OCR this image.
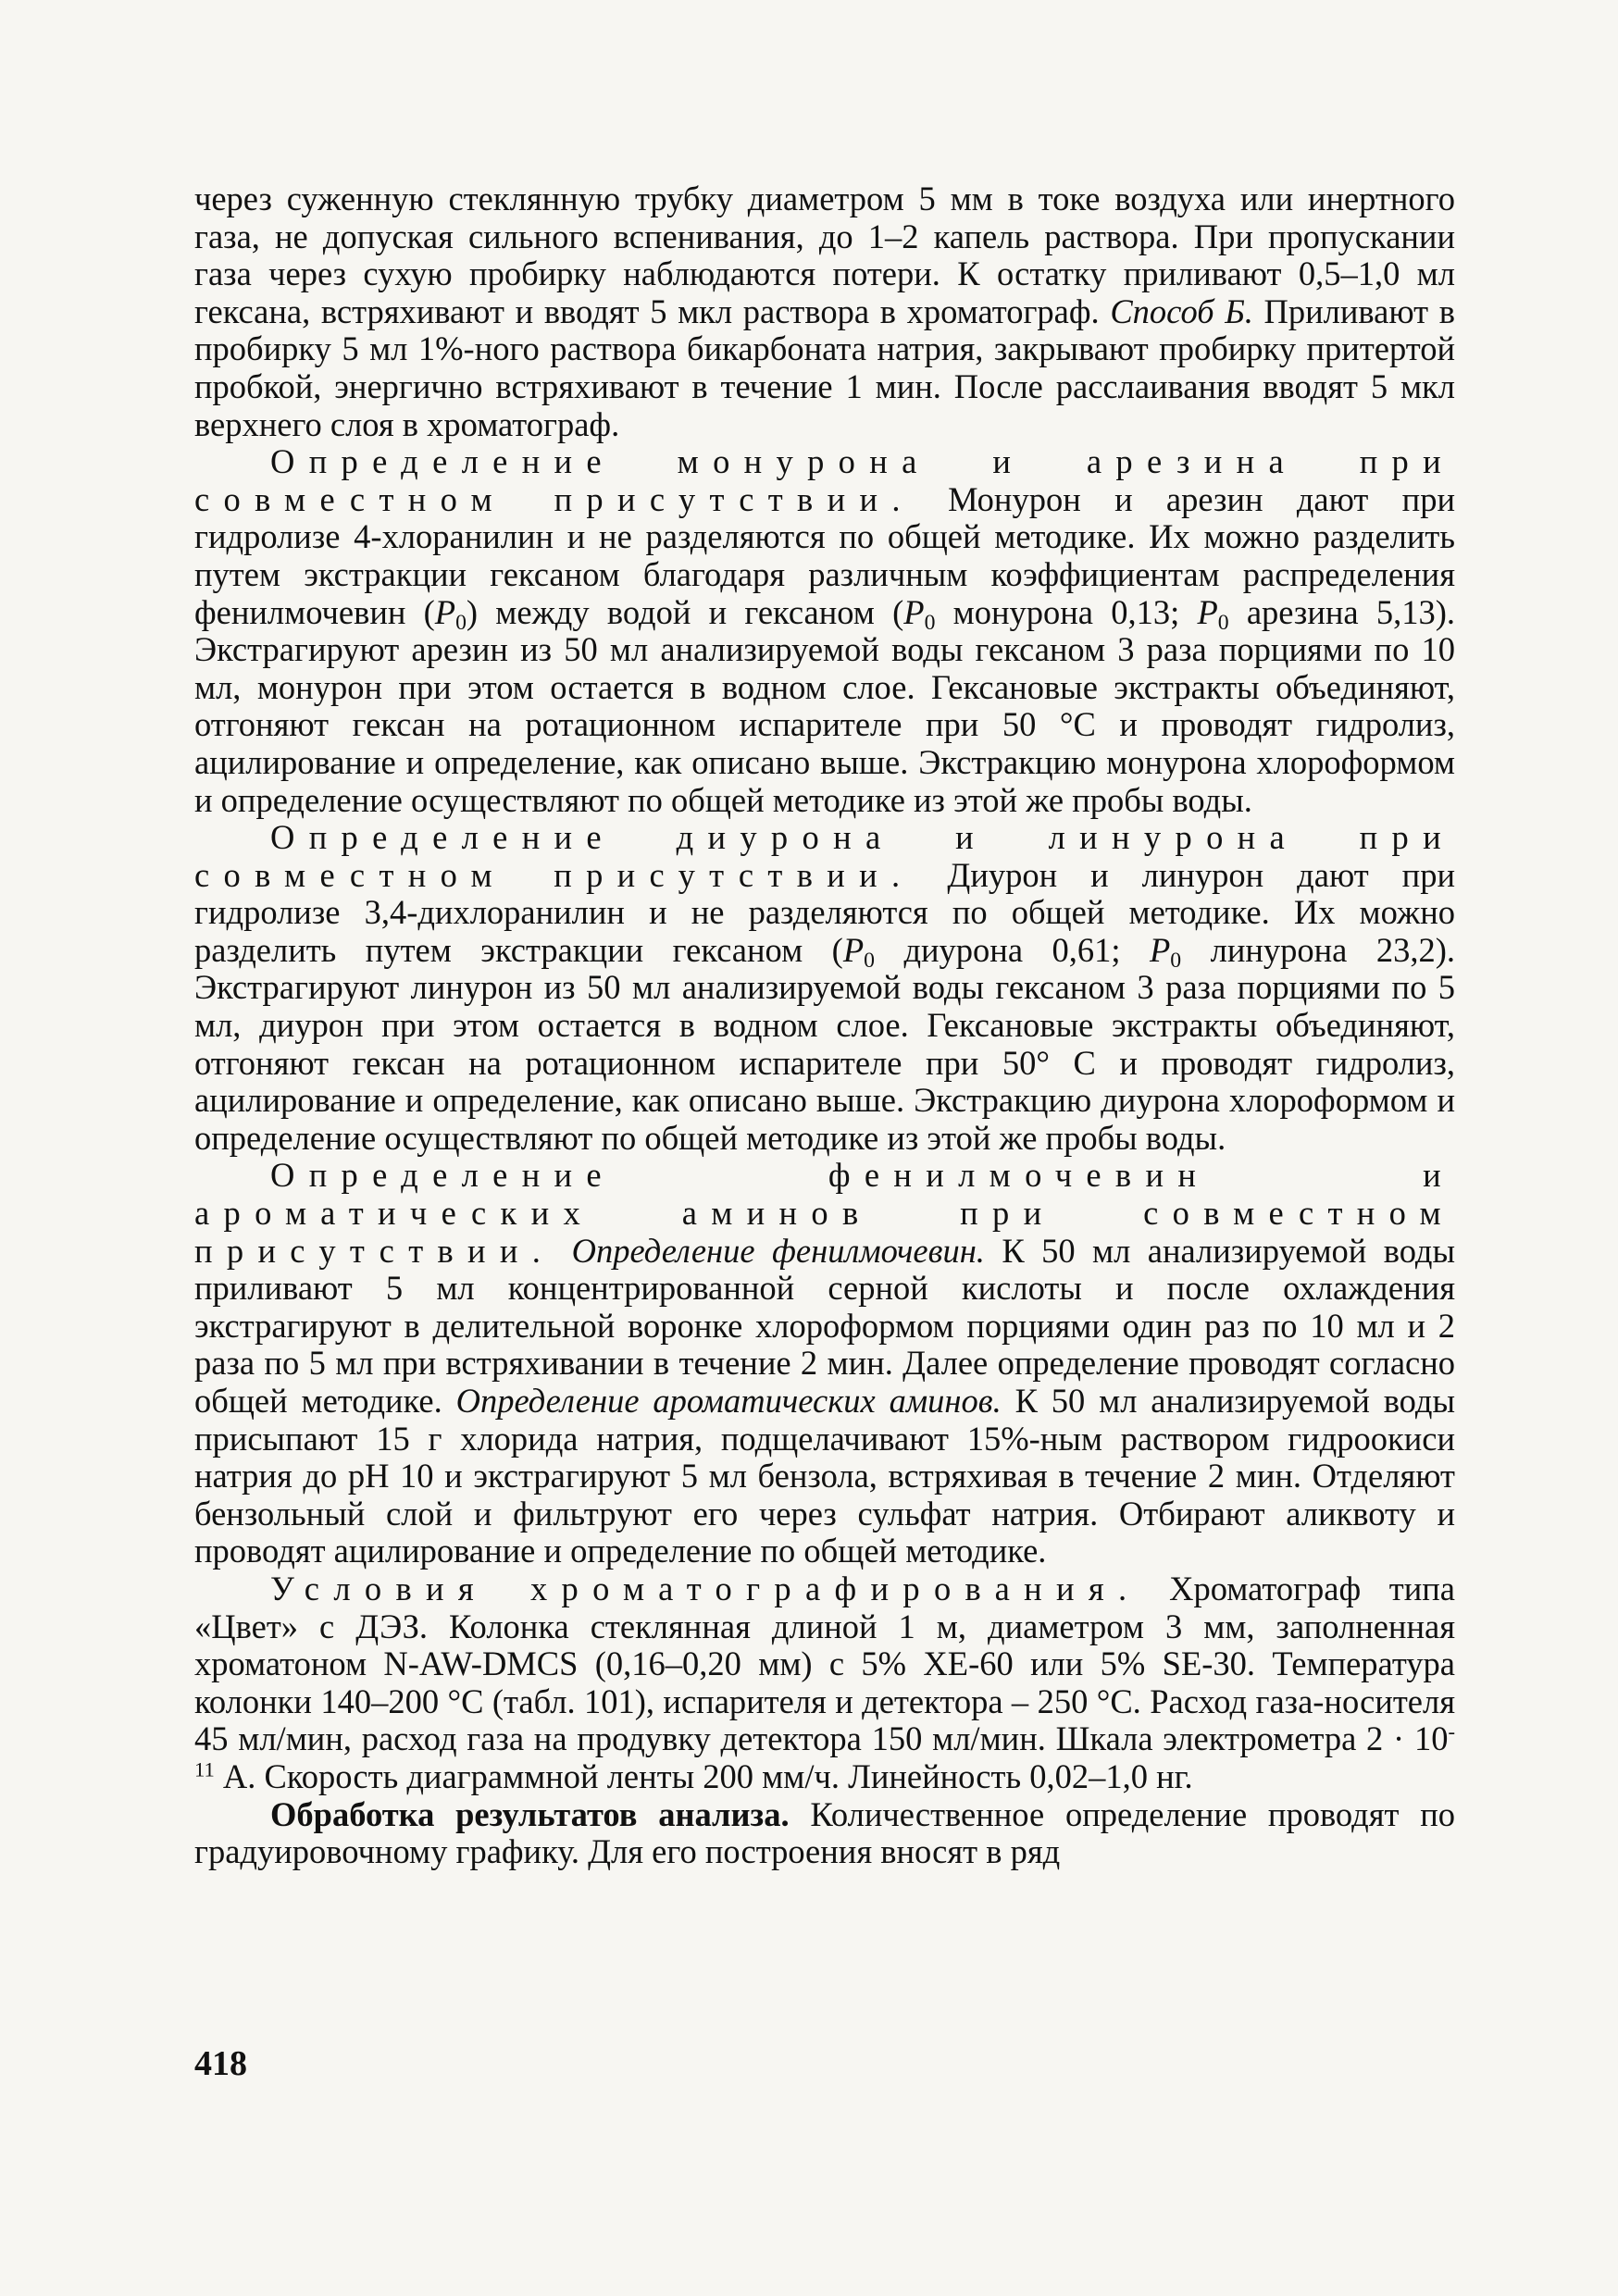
через суженную стеклянную трубку диаметром 5 мм в токе воздуха или инертного газа, не допуская сильного вспенивания, до 1–2 капель раствора. При пропускании газа через сухую пробирку наблюдаются потери. К остатку приливают 0,5–1,0 мл гексана, встряхивают и вводят 5 мкл раствора в хроматограф. Способ Б. Приливают в пробирку 5 мл 1%-ного раствора бикарбоната натрия, закрывают пробирку притертой пробкой, энергично встряхивают в течение 1 мин. После расслаивания вводят 5 мкл верхнего слоя в хроматограф.

Определение монурона и арезина при совместном присутствии. Монурон и арезин дают при гидролизе 4-хлоранилин и не разделяются по общей методике. Их можно разделить путем экстракции гексаном благодаря различным коэффициентам распределения фенилмочевин $(P_0)$ между водой и гексаном ($P_0$ монурона 0,13; $P_0$ арезина 5,13). Экстрагируют арезин из 50 мл анализируемой воды гексаном 3 раза порциями по 10 мл, монурон при этом остается в водном слое. Гексановые экстракты объединяют, отгоняют гексан на ротационном испарителе при 50 °С и проводят гидролиз, ацилирование и определение, как описано выше. Экстракцию монурона хлороформом и определение осуществляют по общей методике из этой же пробы воды.

Определение диурона и линурона при совместном присутствии. Диурон и линурон дают при гидролизе 3,4-дихлоранилин и не разделяются по общей методике. Их можно разделить путем экстракции гексаном ($P_0$ диурона 0,61; $P_0$ линурона 23,2). Экстрагируют линурон из 50 мл анализируемой воды гексаном 3 раза порциями по 5 мл, диурон при этом остается в водном слое. Гексановые экстракты объединяют, отгоняют гексан на ротационном испарителе при 50° С и проводят гидролиз, ацилирование и определение, как описано выше. Экстракцию диурона хлороформом и определение осуществляют по общей методике из этой же пробы воды.

Определение фенилмочевин и ароматических аминов при совместном присутствии. Определение фенилмочевин. К 50 мл анализируемой воды приливают 5 мл концентрированной серной кислоты и после охлаждения экстрагируют в делительной воронке хлороформом порциями один раз по 10 мл и 2 раза по 5 мл при встряхивании в течение 2 мин. Далее определение проводят согласно общей методике. Определение ароматических аминов. К 50 мл анализируемой воды присыпают 15 г хлорида натрия, подщелачивают 15%-ным раствором гидроокиси натрия до pH 10 и экстрагируют 5 мл бензола, встряхивая в течение 2 мин. Отделяют бензольный слой и фильтруют его через сульфат натрия. Отбирают аликвоту и проводят ацилирование и определение по общей методике.

Условия хроматографирования. Хроматограф типа «Цвет» с ДЭЗ. Колонка стеклянная длиной 1 м, диаметром 3 мм, заполненная хроматоном N-AW-DMCS (0,16–0,20 мм) с 5% XE-60 или 5% SE-30. Температура колонки 140–200 °С (табл. 101), испарителя и детектора – 250 °С. Расход газа-носителя 45 мл/мин, расход газа на продувку детектора 150 мл/мин. Шкала электрометра $2 \cdot 10^{-11}$ А. Скорость диаграммной ленты 200 мм/ч. Линейность 0,02–1,0 нг.

Обработка результатов анализа. Количественное определение проводят по градуировочному графику. Для его построения вносят в ряд

418
